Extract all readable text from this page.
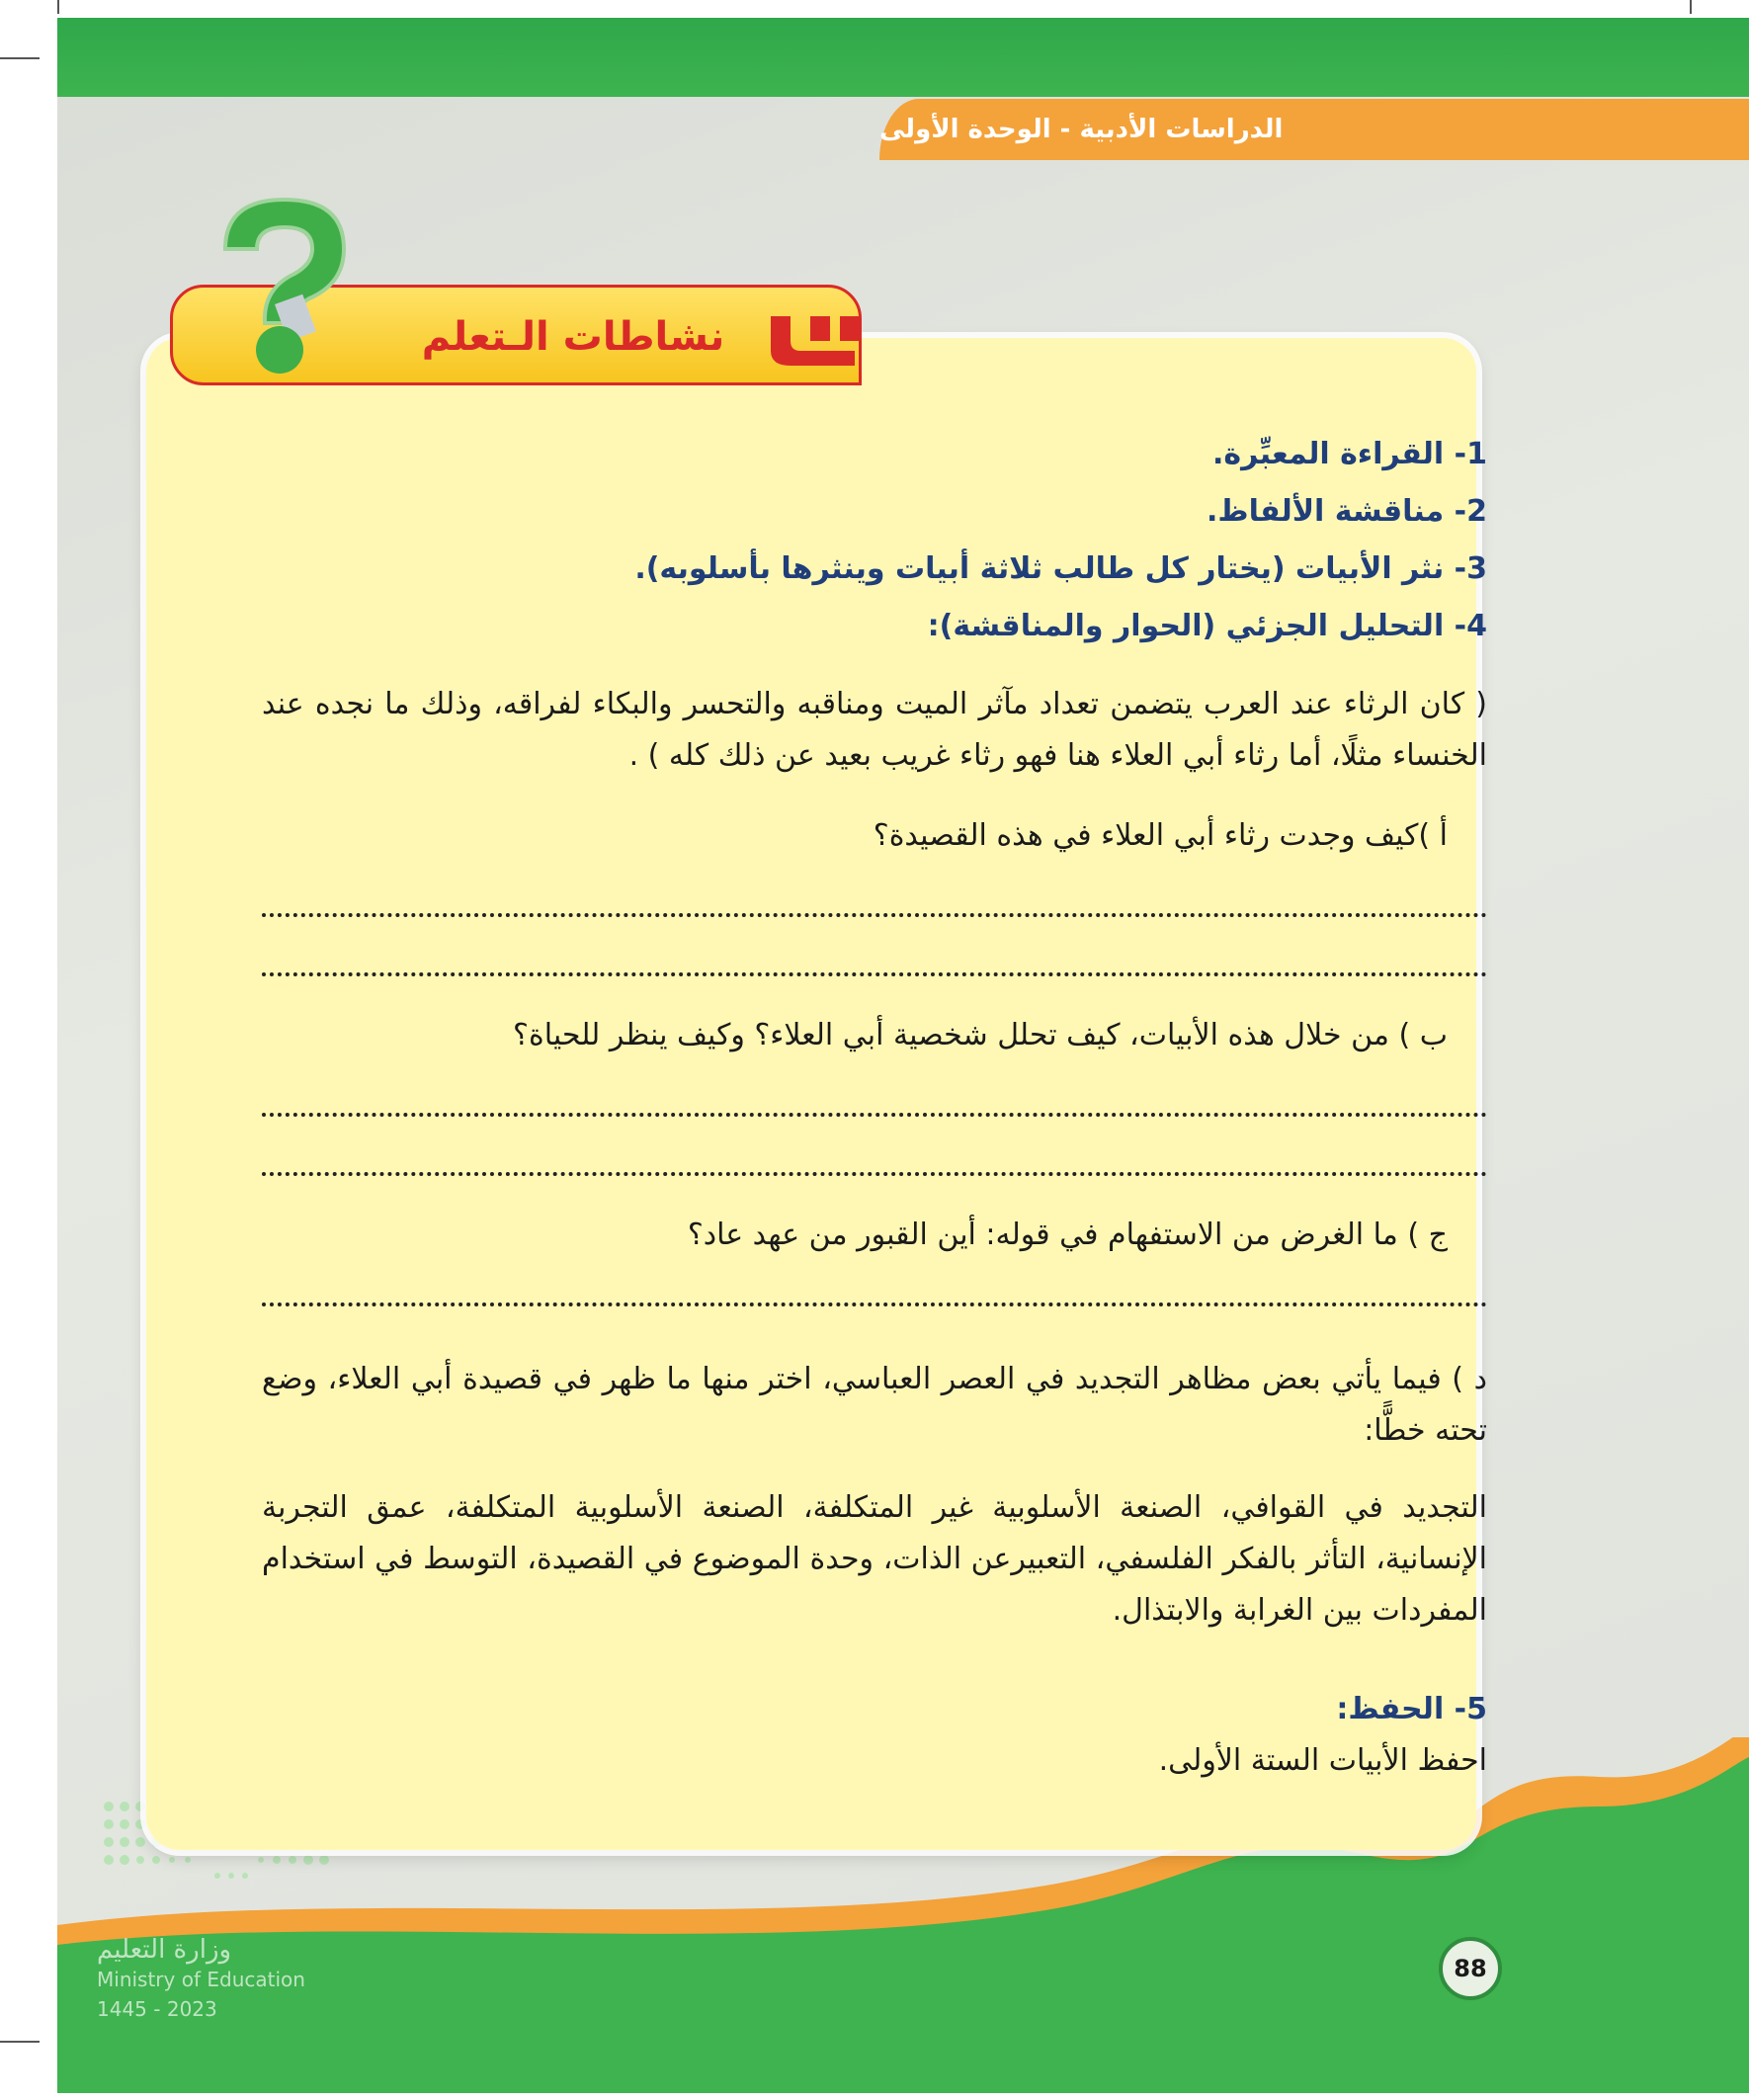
الدراسات الأدبية - الوحدة الأولى
وزارة التعليم
Ministry of Education
2023 - 1445
88
نشاطات الـتعلم
1- القراءة المعبِّرة.
2- مناقشة الألفاظ.
3- نثر الأبيات (يختار كل طالب ثلاثة أبيات وينثرها بأسلوبه).
4- التحليل الجزئي (الحوار والمناقشة):
( كان الرثاء عند العرب يتضمن تعداد مآثر الميت ومناقبه والتحسر والبكاء لفراقه، وذلك ما نجده عند الخنساء مثلًا، أما رثاء أبي العلاء هنا فهو رثاء غريب بعيد عن ذلك كله ) .
أ )كيف وجدت رثاء أبي العلاء في هذه القصيدة؟
ب ) من خلال هذه الأبيات، كيف تحلل شخصية أبي العلاء؟ وكيف ينظر للحياة؟
ج ) ما الغرض من الاستفهام في قوله: أين القبور من عهد عاد؟
د ) فيما يأتي بعض مظاهر التجديد في العصر العباسي، اختر منها ما ظهر في قصيدة أبي العلاء، وضع تحته خطًّا:
التجديد في القوافي، الصنعة الأسلوبية غير المتكلفة، الصنعة الأسلوبية المتكلفة، عمق التجربة الإنسانية، التأثر بالفكر الفلسفي، التعبيرعن الذات، وحدة الموضوع في القصيدة، التوسط في استخدام المفردات بين الغرابة والابتذال.
5- الحفظ:
احفظ الأبيات الستة الأولى.
